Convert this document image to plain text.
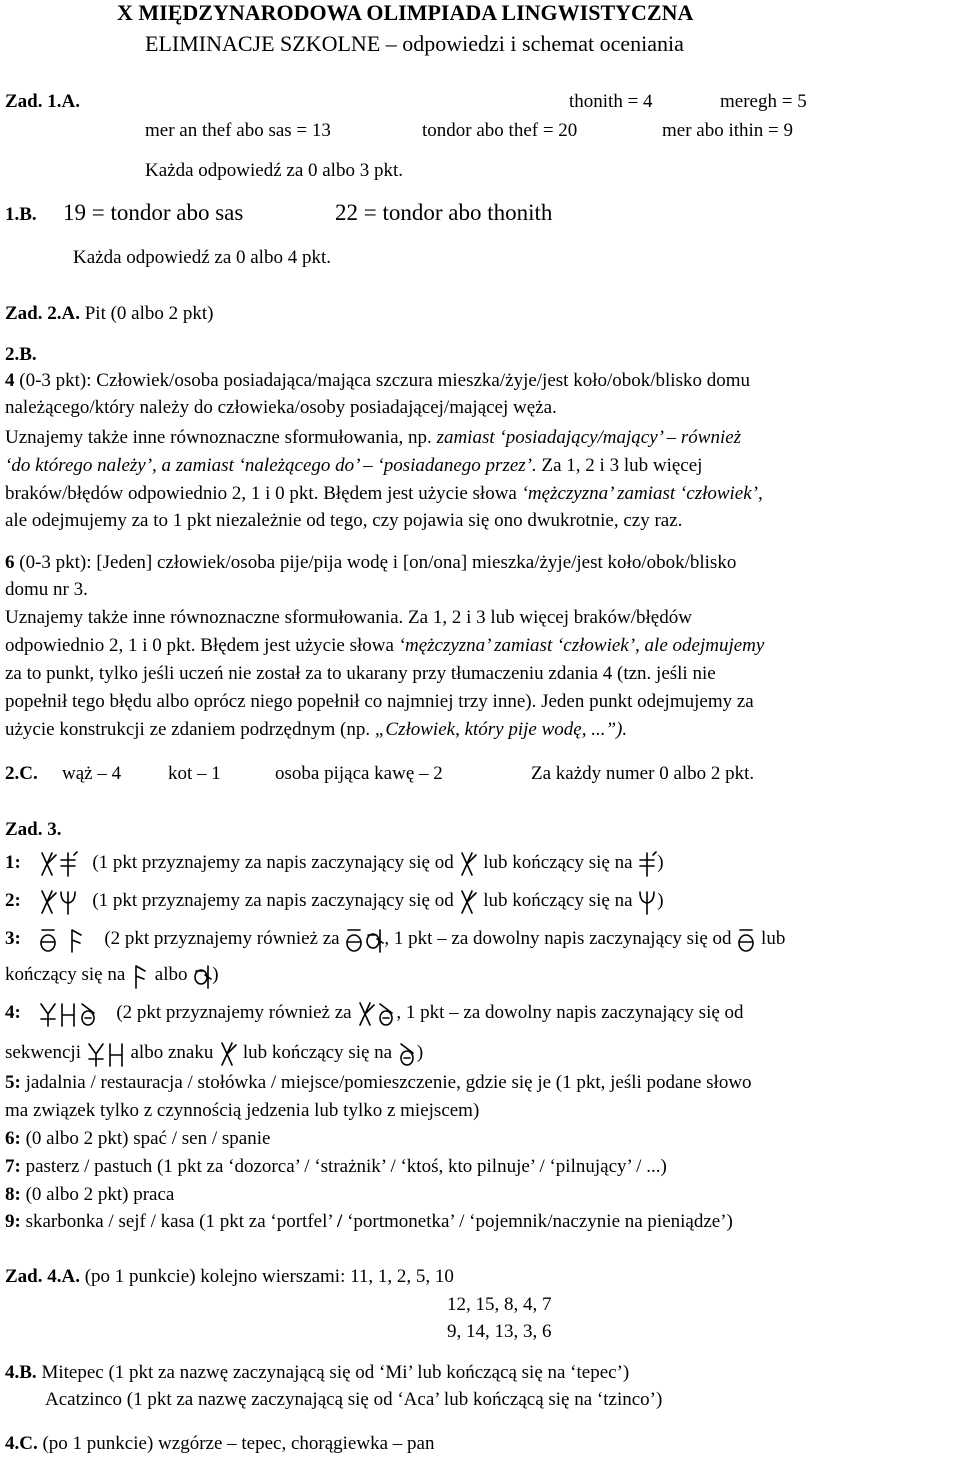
X MIĘDZYNARODOWA OLIMPIADA LINGWISTYCZNA
ELIMINACJE SZKOLNE – odpowiedzi i schemat oceniania
Zad. 1.A.	thonith = 4	meregh = 5
mer an thef abo sas = 13	tondor abo thef = 20	mer abo ithin = 9
Każda odpowiedź za 0 albo 3 pkt.
1.B. 19 = tondor abo sas	22 = tondor abo thonith
Każda odpowiedź za 0 albo 4 pkt.
Zad. 2.A. Pit (0 albo 2 pkt)
2.B.
4 (0-3 pkt): Człowiek/osoba posiadająca/mająca szczura mieszka/żyje/jest koło/obok/blisko domu
należącego/który należy do człowieka/osoby posiadającej/mającej węża.
Uznajemy także inne równoznaczne sformułowania, np. zamiast ‘posiadający/mający’ – również
‘do którego należy’, a zamiast ‘należącego do’ – ‘posiadanego przez’. Za 1, 2 i 3 lub więcej
braków/błędów odpowiednio 2, 1 i 0 pkt. Błędem jest użycie słowa ‘mężczyzna’ zamiast ‘człowiek’,
ale odejmujemy za to 1 pkt niezależnie od tego, czy pojawia się ono dwukrotnie, czy raz.
6 (0-3 pkt): [Jeden] człowiek/osoba pije/pija wodę i [on/ona] mieszka/żyje/jest koło/obok/blisko
domu nr 3.
Uznajemy także inne równoznaczne sformułowania. Za 1, 2 i 3 lub więcej braków/błędów
odpowiednio 2, 1 i 0 pkt. Błędem jest użycie słowa ‘mężczyzna’ zamiast ‘człowiek’, ale odejmujemy
za to punkt, tylko jeśli uczeń nie został za to ukarany przy tłumaczeniu zdania 4 (tzn. jeśli nie
popełnił tego błędu albo oprócz niego popełnił co najmniej trzy inne). Jeden punkt odejmujemy za
użycie konstrukcji ze zdaniem podrzędnym (np. „Człowiek, który pije wodę, ...”).
2.C. wąż – 4 kot – 1	osoba pijąca kawę – 2	Za każdy numer 0 albo 2 pkt.
Zad. 3.
1:	(1 pkt przyznajemy za napis zaczynający się od lub kończący się na )
2:	(1 pkt przyznajemy za napis zaczynający się od lub kończący się na )
3:	(2 pkt przyznajemy również za , 1 pkt – za dowolny napis zaczynający się od lub
kończący się na albo )
4:	(2 pkt przyznajemy również za , 1 pkt – za dowolny napis zaczynający się od
sekwencji	albo znaku lub kończący się na )
5: jadalnia / restauracja / stołówka / miejsce/pomieszczenie, gdzie się je (1 pkt, jeśli podane słowo
ma związek tylko z czynnością jedzenia lub tylko z miejscem)
6: (0 albo 2 pkt) spać / sen / spanie
7: pasterz / pastuch (1 pkt za ‘dozorca’ / ‘strażnik’ / ‘ktoś, kto pilnuje’ / ‘pilnujący’ / ...)
8: (0 albo 2 pkt) praca
9: skarbonka / sejf / kasa (1 pkt za ‘portfel’ / ‘portmonetka’ / ‘pojemnik/naczynie na pieniądze’)
Zad. 4.A. (po 1 punkcie) kolejno wierszami: 11, 1, 2, 5, 10
12, 15, 8, 4, 7
9, 14, 13, 3, 6
4.B. Mitepec (1 pkt za nazwę zaczynającą się od ‘Mi’ lub kończącą się na ‘tepec’)
Acatzinco (1 pkt za nazwę zaczynającą się od ‘Aca’ lub kończącą się na ‘tzinco’)
4.C. (po 1 punkcie) wzgórze – tepec, chorągiewka – pan
